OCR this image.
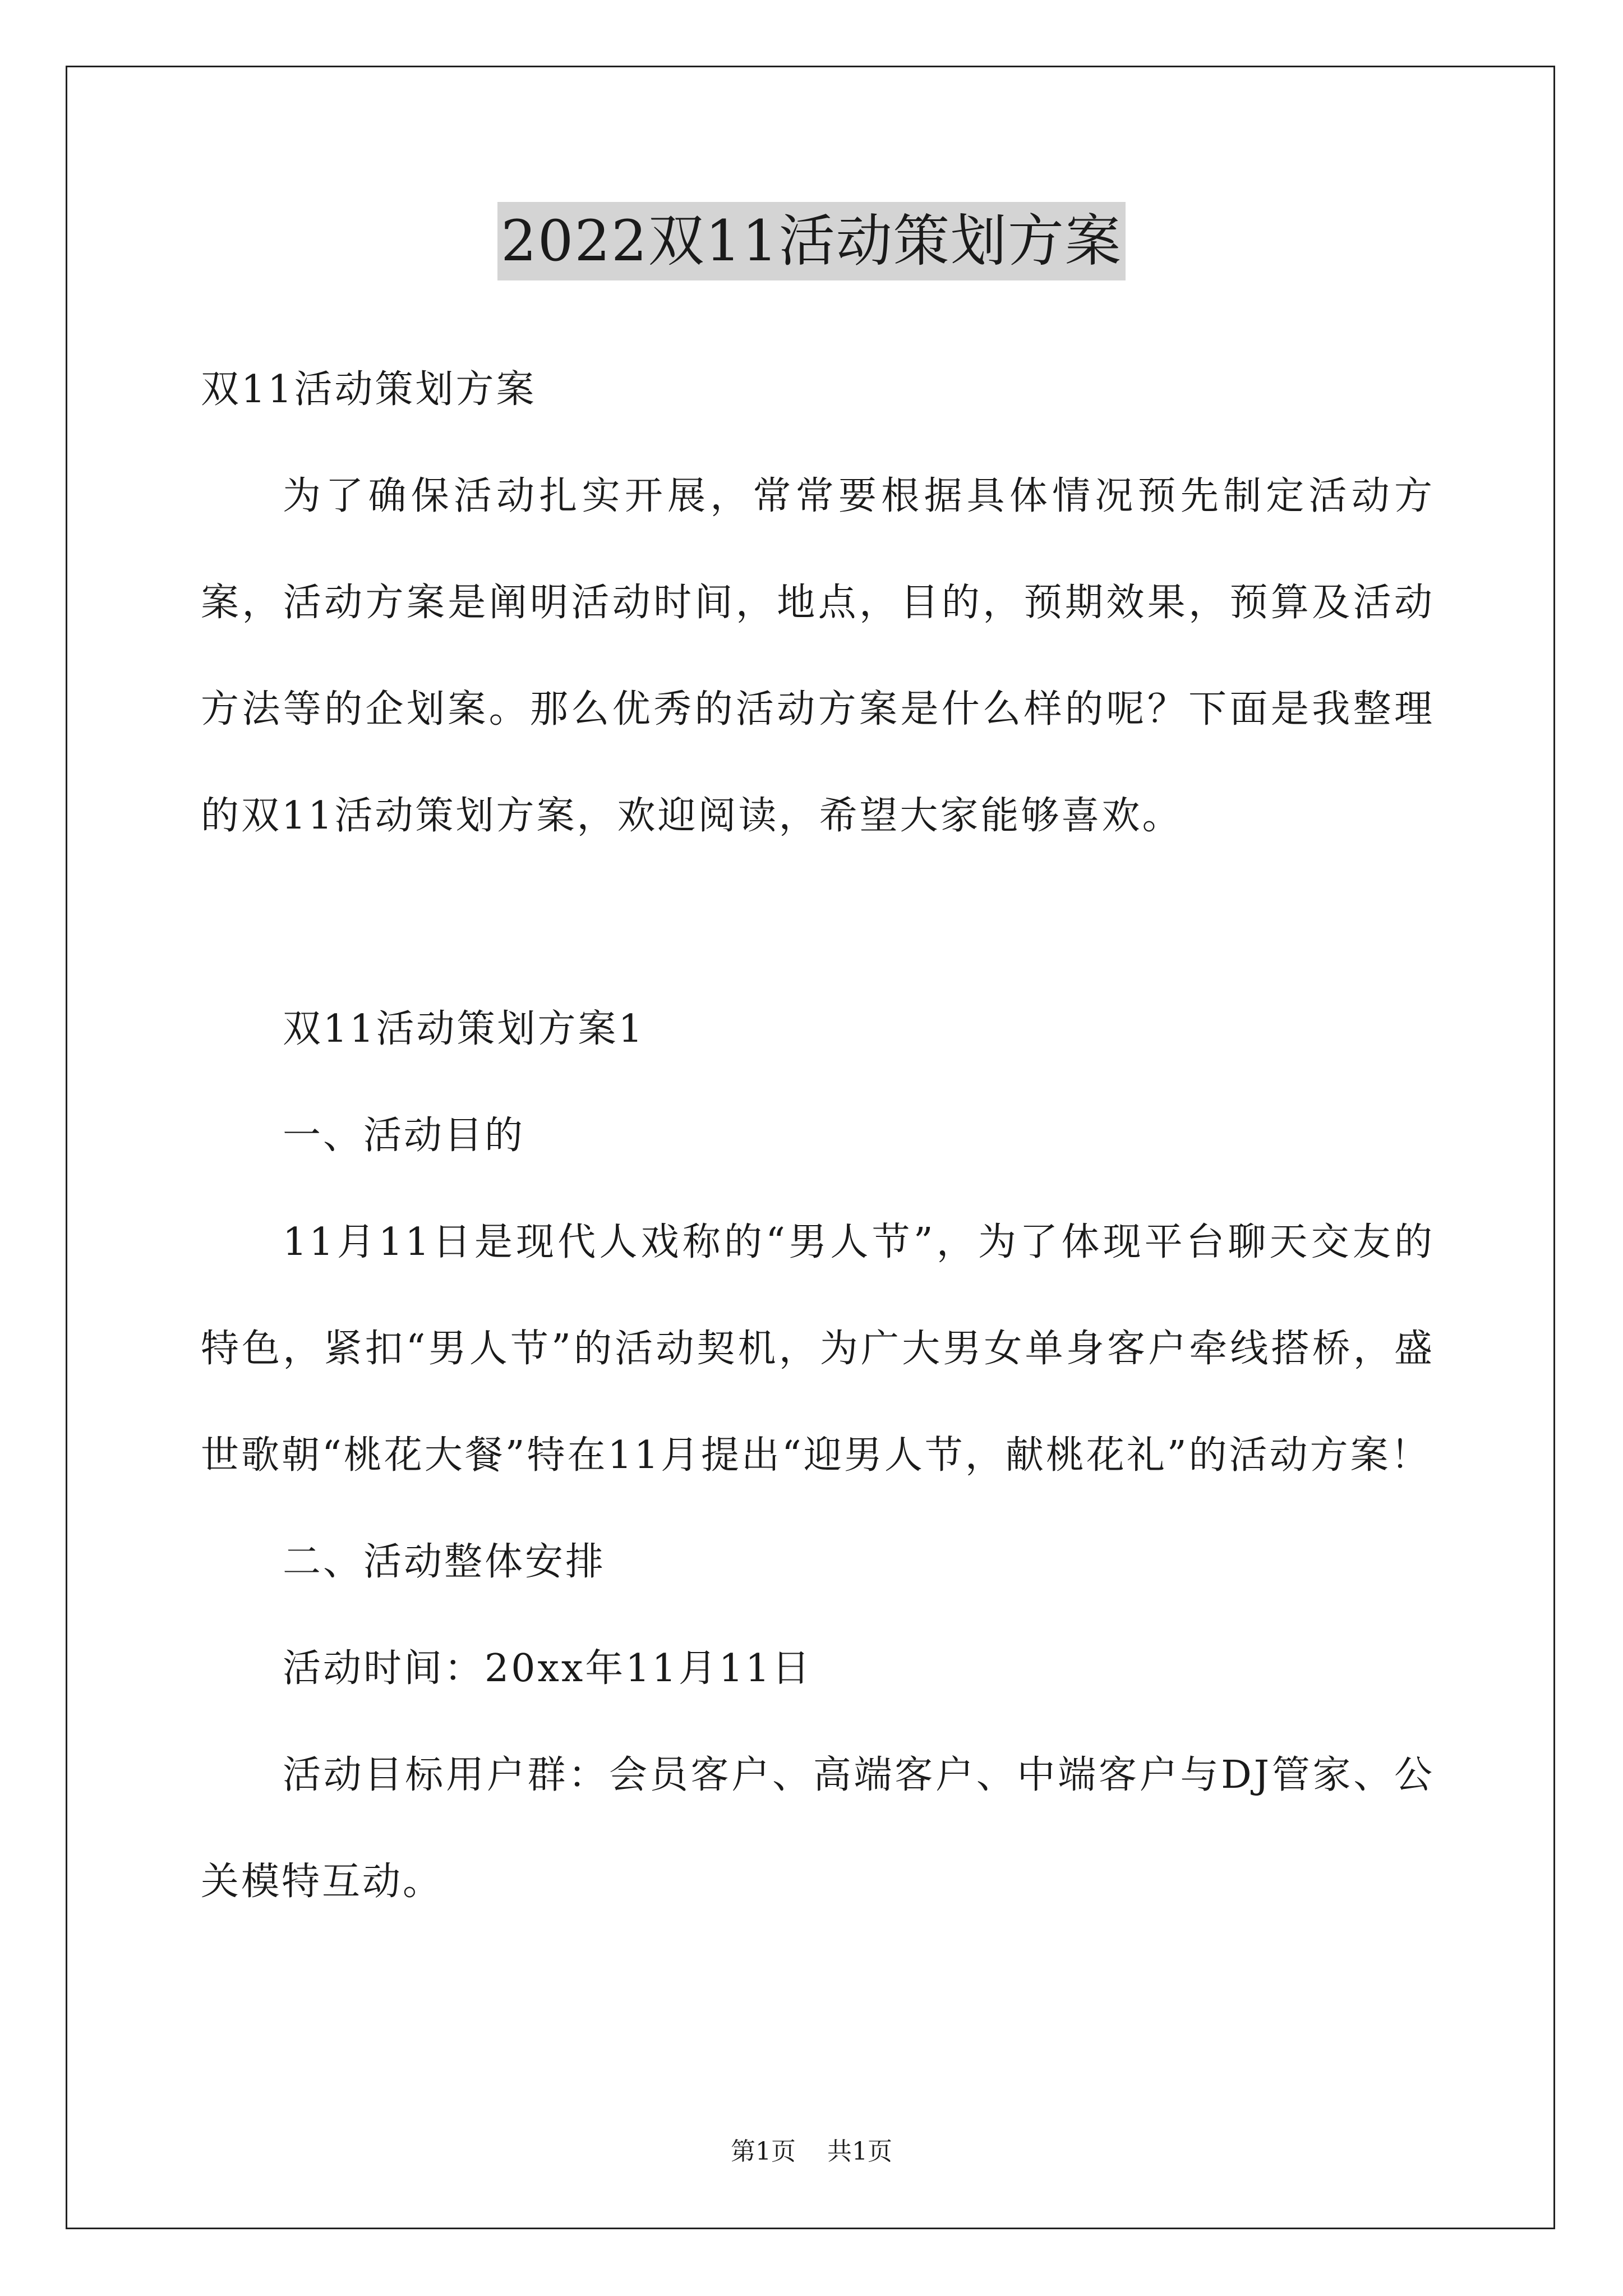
2022双11活动策划方案

双11活动策划方案

为了确保活动扎实开展，常常要根据具体情况预先制定活动方案，活动方案是阐明活动时间，地点，目的，预期效果，预算及活动方法等的企划案。那么优秀的活动方案是什么样的呢？下面是我整理的双11活动策划方案，欢迎阅读，希望大家能够喜欢。

双11活动策划方案1

一、活动目的

11月11日是现代人戏称的“男人节”，为了体现平台聊天交友的特色，紧扣“男人节”的活动契机，为广大男女单身客户牵线搭桥，盛世歌朝“桃花大餐”特在11月提出“迎男人节，献桃花礼”的活动方案！

二、活动整体安排

活动时间：20xx年11月11日

活动目标用户群：会员客户、高端客户、中端客户与DJ管家、公关模特互动。

第1页 共1页
